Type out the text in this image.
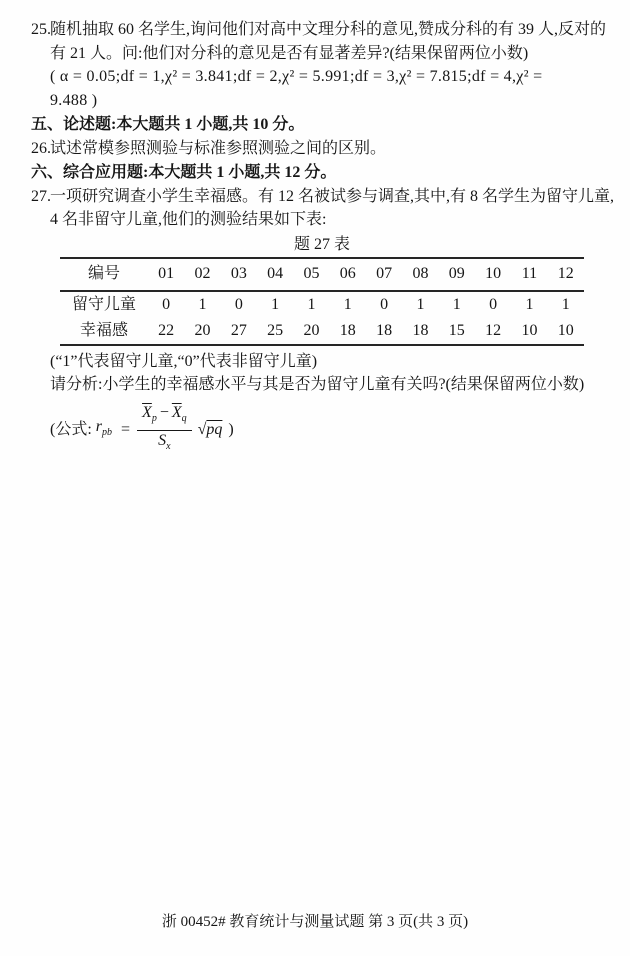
25. 随机抽取 60 名学生,询问他们对高中文理分科的意见,赞成分科的有 39 人,反对的
有 21 人。问:他们对分科的意见是否有显著差异?(结果保留两位小数)
( α = 0.05;df = 1,χ² = 3.841;df = 2,χ² = 5.991;df = 3,χ² = 7.815;df = 4,χ² =
9.488 )
五、论述题:本大题共 1 小题,共 10 分。
26. 试述常模参照测验与标准参照测验之间的区别。
六、综合应用题:本大题共 1 小题,共 12 分。
27. 一项研究调查小学生幸福感。有 12 名被试参与调查,其中,有 8 名学生为留守儿童,
4 名非留守儿童,他们的测验结果如下表:
题 27 表
编号	01	02	03	04	05	06	07	08	09	10	11	12
留守儿童	0	1	0	1	1	1	0	1	1	0	1	1
幸福感	22	20	27	25	20	18	18	18	15	12	10	10
(“1”代表留守儿童,“0”代表非留守儿童)
请分析:小学生的幸福感水平与其是否为留守儿童有关吗?(结果保留两位小数)
(公式: $r_{pb} = \frac{\overline{X}_p - \overline{X}_q}{S_x}$ √ pq )
浙 00452# 教育统计与测量试题 第 3 页(共 3 页)
